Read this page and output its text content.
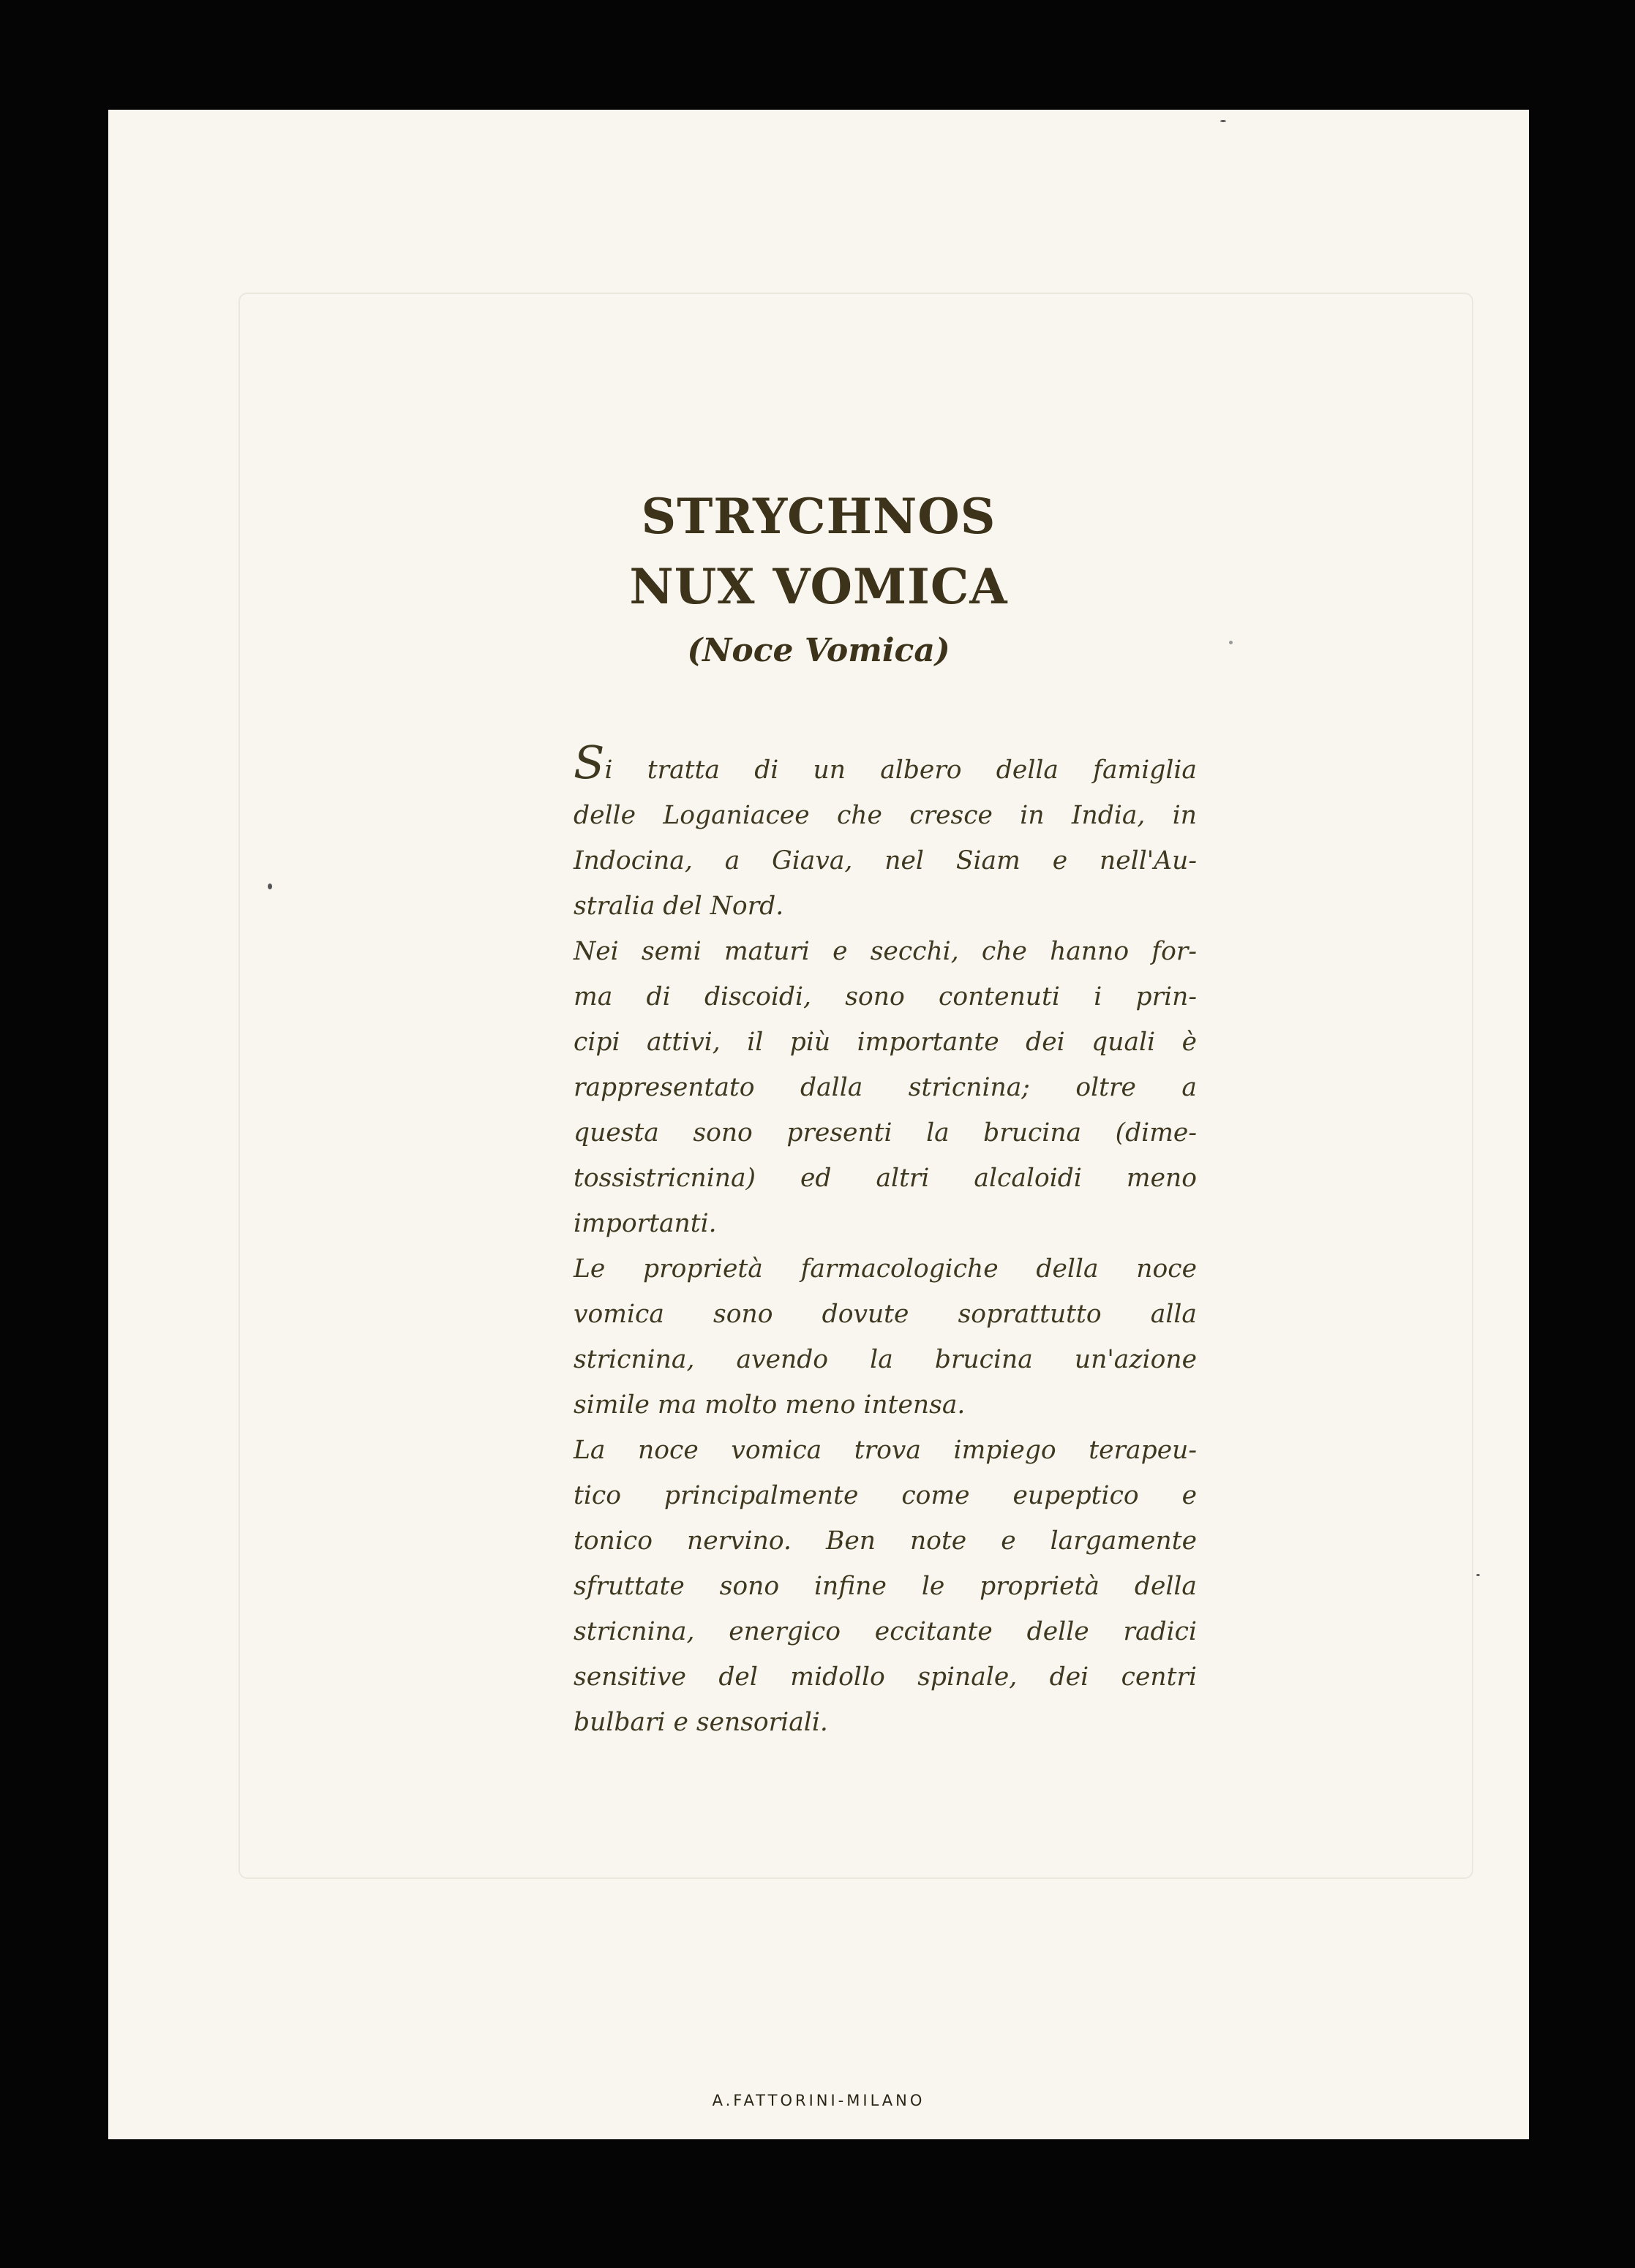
STRYCHNOS
NUX VOMICA
(Noce Vomica)
Si tratta di un albero della famiglia
delle Loganiacee che cresce in India, in
Indocina, a Giava, nel Siam e nell'Au-
stralia del Nord.
Nei semi maturi e secchi, che hanno for-
ma di discoidi, sono contenuti i prin-
cipi attivi, il più importante dei quali è
rappresentato dalla stricnina; oltre a
questa sono presenti la brucina (dime-
tossistricnina) ed altri alcaloidi meno
importanti.
Le proprietà farmacologiche della noce
vomica sono dovute soprattutto alla
stricnina, avendo la brucina un'azione
simile ma molto meno intensa.
La noce vomica trova impiego terapeu-
tico principalmente come eupeptico e
tonico nervino. Ben note e largamente
sfruttate sono infine le proprietà della
stricnina, energico eccitante delle radici
sensitive del midollo spinale, dei centri
bulbari e sensoriali.
A.FATTORINI-MILANO
